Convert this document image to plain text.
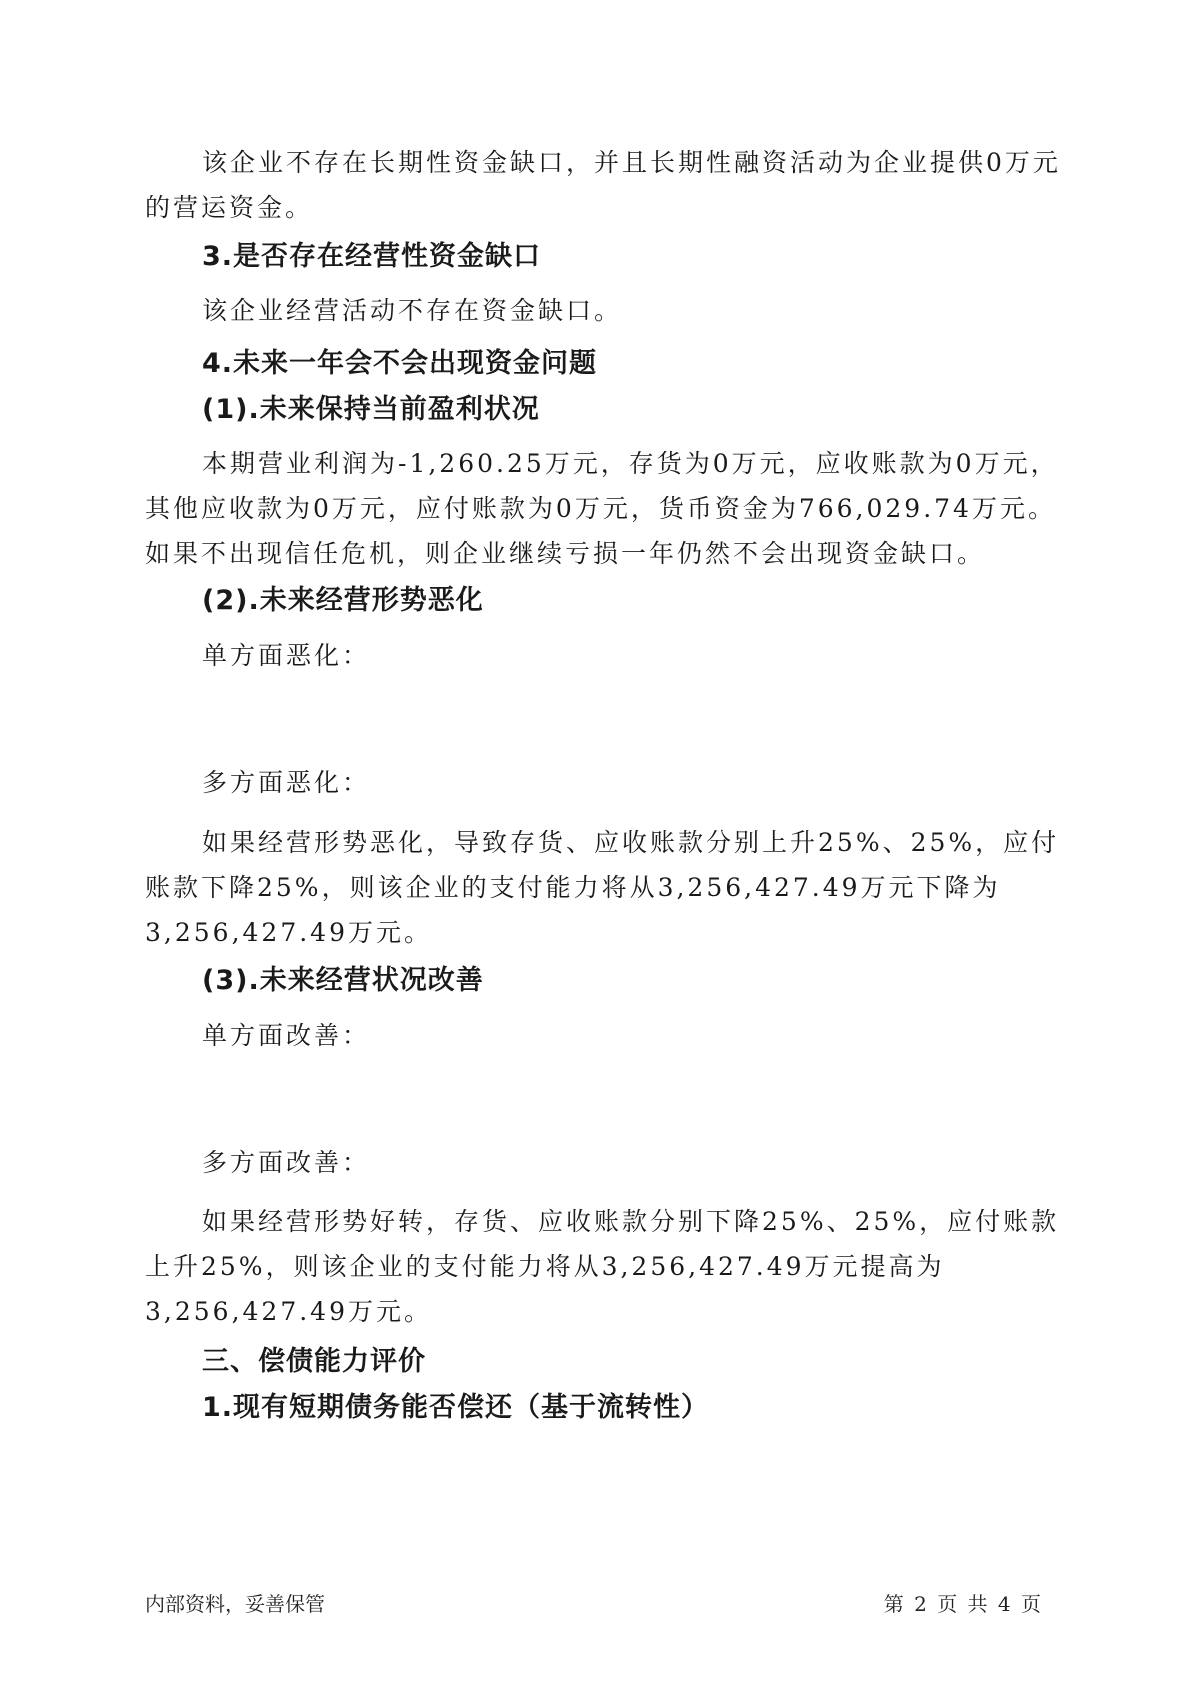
该企业不存在长期性资金缺口，并且长期性融资活动为企业提供0万元的营运资金。

3.是否存在经营性资金缺口

该企业经营活动不存在资金缺口。

4.未来一年会不会出现资金问题
(1).未来保持当前盈利状况

本期营业利润为-1,260.25万元，存货为0万元，应收账款为0万元，其他应收款为0万元，应付账款为0万元，货币资金为766,029.74万元。如果不出现信任危机，则企业继续亏损一年仍然不会出现资金缺口。

(2).未来经营形势恶化

单方面恶化：

多方面恶化：

如果经营形势恶化，导致存货、应收账款分别上升25%、25%，应付账款下降25%，则该企业的支付能力将从3,256,427.49万元下降为3,256,427.49万元。

(3).未来经营状况改善

单方面改善：

多方面改善：

如果经营形势好转，存货、应收账款分别下降25%、25%，应付账款上升25%，则该企业的支付能力将从3,256,427.49万元提高为3,256,427.49万元。

三、偿债能力评价
1.现有短期债务能否偿还（基于流转性）
内部资料，妥善保管	第 2 页 共 4 页
